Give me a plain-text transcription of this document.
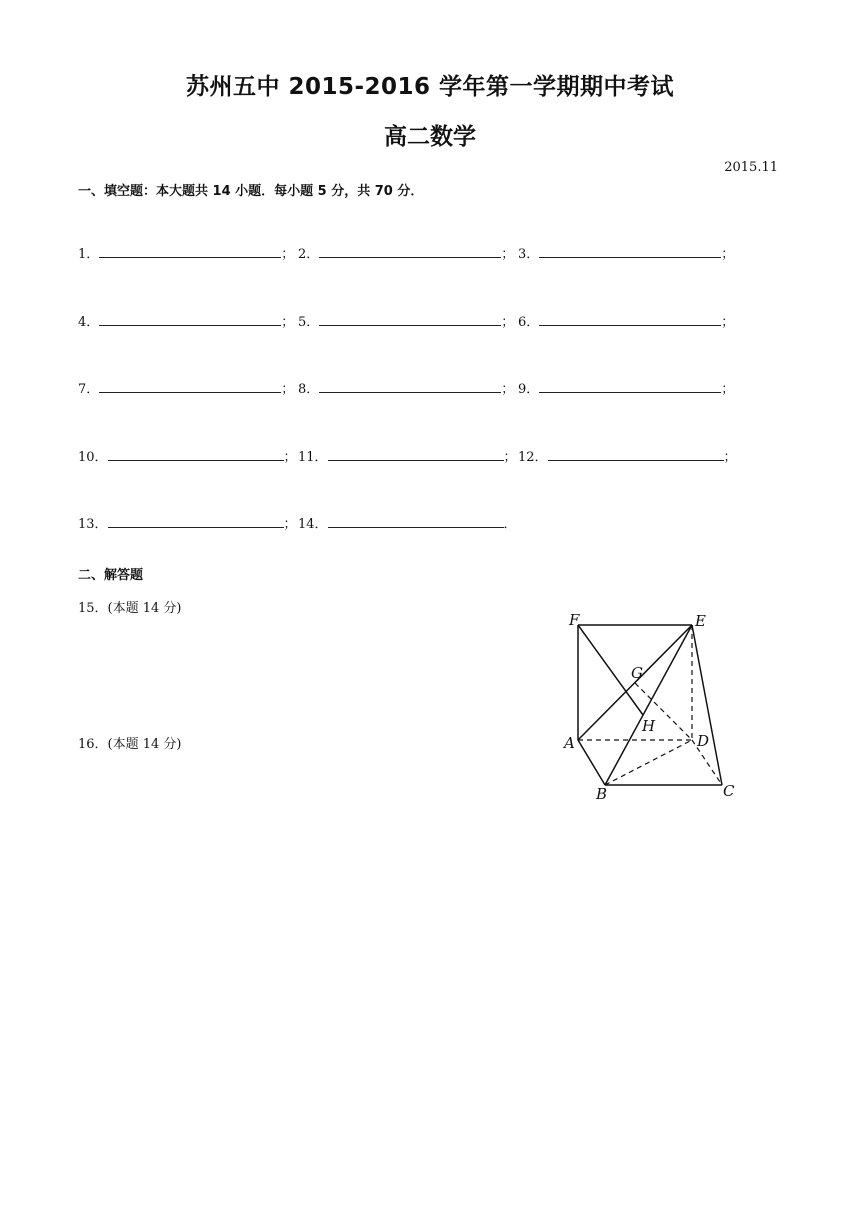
苏州五中 2015-2016 学年第一学期期中考试
高二数学
2015.11
一、填空题：本大题共 14 小题．每小题 5 分，共 70 分．
1．	； 2．	； 3．	；
4．	； 5．	； 6．	；
7．	； 8．	； 9．	；
10．	； 11．	； 12．	；
13．	； 14．	．
二、解答题
15．(本题 14 分)
16．(本题 14 分)
F	E
G
H
A	D
B	C
